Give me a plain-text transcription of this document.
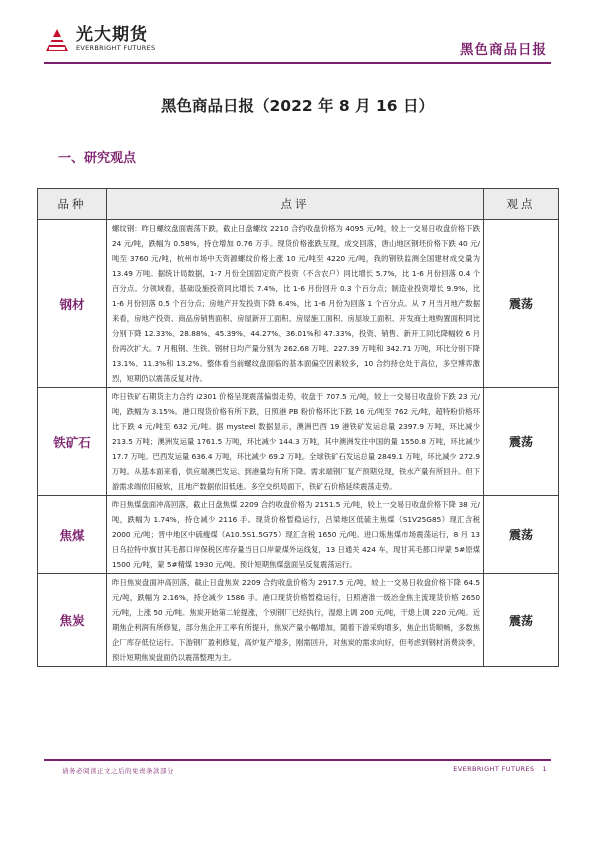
光大期货
EVERBRIGHT FUTURES	黑色商品日报
黑色商品日报（2022 年 8 月 16 日）
一、研究观点
品种	点评	观点
钢材	螺纹钢：昨日螺纹盘面震荡下跌，截止日盘螺纹 2210 合约收盘价格为 4095 元/吨，较上一交易日收盘价格下跌 24 元/吨，跌幅为 0.58%，持仓增加 0.76 万手。现货价格涨跌互现，成交回落，唐山地区钢坯价格下跌 40 元/吨至 3760 元/吨，杭州市场中天资源螺纹价格上涨 10 元/吨至 4220 元/吨，我的钢铁监测全国建材成交量为 13.49 万吨。据统计局数据，1-7 月份全国固定资产投资（不含农户）同比增长 5.7%，比 1-6 月份回落 0.4 个百分点。分领域看，基础设施投资同比增长 7.4%，比 1-6 月份回升 0.3 个百分点；制造业投资增长 9.9%，比 1-6 月份回落 0.5 个百分点；房地产开发投资下降 6.4%，比 1-6 月份为回落 1 个百分点。从 7 月当月地产数据来看，房地产投资、商品房销售面积、房屋新开工面积、房屋施工面积、房屋竣工面积、开发商土地购置面积同比分别下降 12.33%、28.88%、45.39%、44.27%、36.01%和 47.33%，投资、销售、新开工同比降幅较 6 月份再次扩大。7 月粗钢、生铁、钢材日均产量分别为 262.68 万吨、227.39 万吨和 342.71 万吨，环比分别下降 13.1%、11.3%和 13.2%。整体看当前螺纹盘面临的基本面偏空因素较多，10 合约持仓处于高位，多空博弈激烈，短期仍以震荡反复对待。	震荡
铁矿石	昨日铁矿石期货主力合约 i2301 价格呈现震荡偏弱走势，收盘于 707.5 元/吨，较上一交易日收盘价下跌 23 元/吨，跌幅为 3.15%。港口现货价格有所下跌，日照港 PB 粉价格环比下跌 16 元/吨至 762 元/吨，超特粉价格环比下跌 4 元/吨至 632 元/吨。据 mysteel 数据显示，澳洲巴西 19 港铁矿发运总量 2397.9 万吨，环比减少 213.5 万吨；澳洲发运量 1761.5 万吨，环比减少 144.3 万吨，其中澳洲发往中国的量 1550.8 万吨，环比减少 17.7 万吨。巴西发运量 636.4 万吨，环比减少 69.2 万吨。全球铁矿石发运总量 2849.1 万吨，环比减少 272.9 万吨。从基本面来看，供应端澳巴发运、到港量均有所下降。需求端钢厂复产预期兑现，铁水产量有所回升。但下游需求端依旧疲软，且地产数据依旧低迷。多空交织局面下，铁矿石价格延续震荡走势。	震荡
焦煤	昨日焦煤盘面冲高回落，截止日盘焦煤 2209 合约收盘价格为 2151.5 元/吨，较上一交易日收盘价格下降 38 元/吨，跌幅为 1.74%，持仓减少 2116 手。现货价格暂稳运行，吕梁地区低硫主焦煤（S1V25G85）现汇含税 2000 元/吨；晋中地区中硫瘦煤（A10.5S1.5G75）现汇含税 1650 元/吨。进口炼焦煤市场震荡运行，8 月 13 日乌拉特中旗甘其毛都口岸保税区库存量当日口岸蒙煤外运线复，13 日通关 424 车，现甘其毛都口岸蒙 5#原煤 1500 元/吨，蒙 5#精煤 1930 元/吨。预计短期焦煤盘面呈反复震荡运行。	震荡
焦炭	昨日焦炭盘面冲高回落，截止日盘焦炭 2209 合约收盘价格为 2917.5 元/吨，较上一交易日收盘价格下降 64.5 元/吨，跌幅为 2.16%，持仓减少 1586 手。港口现货价格暂稳运行，日照港准一级冶金焦主流现货价格 2650 元/吨，上涨 50 元/吨。焦炭开始第二轮提涨，个别钢厂已经执行，湿熄上调 200 元/吨，干熄上调 220 元/吨。近期焦企利润有所修复，部分焦企开工率有所提升，焦炭产量小幅增加，随着下游采购增多，焦企出货顺畅，多数焦企厂库存低位运行。下游钢厂盈利修复，高炉复产增多，刚需回升，对焦炭的需求向好，但考虑到钢材消费淡季，预计短期焦炭盘面仍以震荡整理为主。	震荡
请务必阅读正文之后的免责条款部分	EVERBRIGHT FUTURES 1
